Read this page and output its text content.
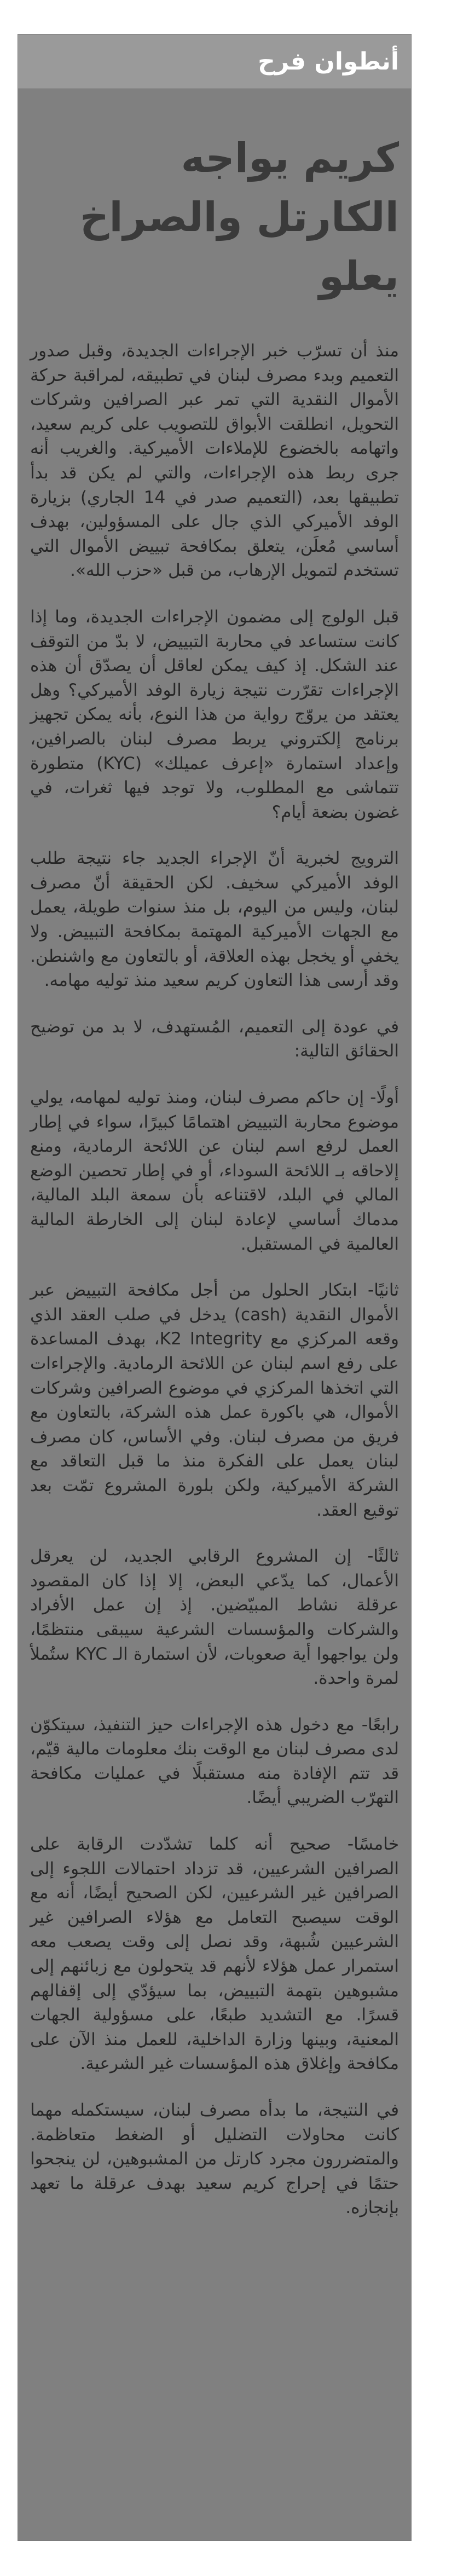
أنطوان فرح
كريم يواجه الكارتل والصراخ يعلو

منذ أن تسرّب خبر الإجراءات الجديدة، وقبل صدور التعميم وبدء مصرف لبنان في تطبيقه، لمراقبة حركة الأموال النقدية التي تمر عبر الصرافين وشركات التحويل، انطلقت الأبواق للتصويب على كريم سعيد، واتهامه بالخضوع للإملاءات الأميركية. والغريب أنه جرى ربط هذه الإجراءات، والتي لم يكن قد بدأ تطبيقها بعد، (التعميم صدر في 14 الجاري) بزيارة الوفد الأميركي الذي جال على المسؤولين، بهدف أساسي مُعلَن، يتعلق بمكافحة تبييض الأموال التي تستخدم لتمويل الإرهاب، من قبل «حزب الله».

قبل الولوج إلى مضمون الإجراءات الجديدة، وما إذا كانت ستساعد في محاربة التبييض، لا بدّ من التوقف عند الشكل. إذ كيف يمكن لعاقل أن يصدّق أن هذه الإجراءات تقرّرت نتيجة زيارة الوفد الأميركي؟ وهل يعتقد من يروّج رواية من هذا النوع، بأنه يمكن تجهيز برنامج إلكتروني يربط مصرف لبنان بالصرافين، وإعداد استمارة «إعرف عميلك» (KYC) متطورة تتماشى مع المطلوب، ولا توجد فيها ثغرات، في غضون بضعة أيام؟

الترويج لخبرية أنّ الإجراء الجديد جاء نتيجة طلب الوفد الأميركي سخيف. لكن الحقيقة أنّ مصرف لبنان، وليس من اليوم، بل منذ سنوات طويلة، يعمل مع الجهات الأميركية المهتمة بمكافحة التبييض. ولا يخفي أو يخجل بهذه العلاقة، أو بالتعاون مع واشنطن. وقد أرسى هذا التعاون كريم سعيد منذ توليه مهامه.

في عودة إلى التعميم، المُستهدف، لا بد من توضيح الحقائق التالية:

أولًا- إن حاكم مصرف لبنان، ومنذ توليه لمهامه، يولي موضوع محاربة التبييض اهتمامًا كبيرًا، سواء في إطار العمل لرفع اسم لبنان عن اللائحة الرمادية، ومنع إلاحاقه بـ اللائحة السوداء، أو في إطار تحصين الوضع المالي في البلد، لاقتناعه بأن سمعة البلد المالية، مدماك أساسي لإعادة لبنان إلى الخارطة المالية العالمية في المستقبل.

ثانيًا- ابتكار الحلول من أجل مكافحة التبييض عبر الأموال النقدية (cash) يدخل في صلب العقد الذي وقعه المركزي مع K2 Integrity، بهدف المساعدة على رفع اسم لبنان عن اللائحة الرمادية. والإجراءات التي اتخذها المركزي في موضوع الصرافين وشركات الأموال، هي باكورة عمل هذه الشركة، بالتعاون مع فريق من مصرف لبنان. وفي الأساس، كان مصرف لبنان يعمل على الفكرة منذ ما قبل التعاقد مع الشركة الأميركية، ولكن بلورة المشروع تمّت بعد توقيع العقد.

ثالثًا- إن المشروع الرقابي الجديد، لن يعرقل الأعمال، كما يدّعي البعض، إلا إذا كان المقصود عرقلة نشاط المبيّضين. إذ إن عمل الأفراد والشركات والمؤسسات الشرعية سيبقى منتظمًا، ولن يواجهوا أية صعوبات، لأن استمارة الـ KYC ستُملأ لمرة واحدة.

رابعًا- مع دخول هذه الإجراءات حيز التنفيذ، سيتكوّن لدى مصرف لبنان مع الوقت بنك معلومات مالية قيّم، قد تتم الإفادة منه مستقبلًا في عمليات مكافحة التهرّب الضريبي أيضًا.

خامسًا- صحيح أنه كلما تشدّدت الرقابة على الصرافين الشرعيين، قد تزداد احتمالات اللجوء إلى الصرافين غير الشرعيين، لكن الصحيح أيضًا، أنه مع الوقت سيصبح التعامل مع هؤلاء الصرافين غير الشرعيين شُبهة، وقد نصل إلى وقت يصعب معه استمرار عمل هؤلاء لأنهم قد يتحولون مع زبائنهم إلى مشبوهين بتهمة التبييض، بما سيؤدّي إلى إقفالهم قسرًا. مع التشديد طبعًا، على مسؤولية الجهات المعنية، وبينها وزارة الداخلية، للعمل منذ الآن على مكافحة وإغلاق هذه المؤسسات غير الشرعية.

في النتيجة، ما بدأه مصرف لبنان، سيستكمله مهما كانت محاولات التضليل أو الضغط متعاظمة. والمتضررون مجرد كارتل من المشبوهين، لن ينجحوا حتمًا في إحراج كريم سعيد بهدف عرقلة ما تعهد بإنجازه.
